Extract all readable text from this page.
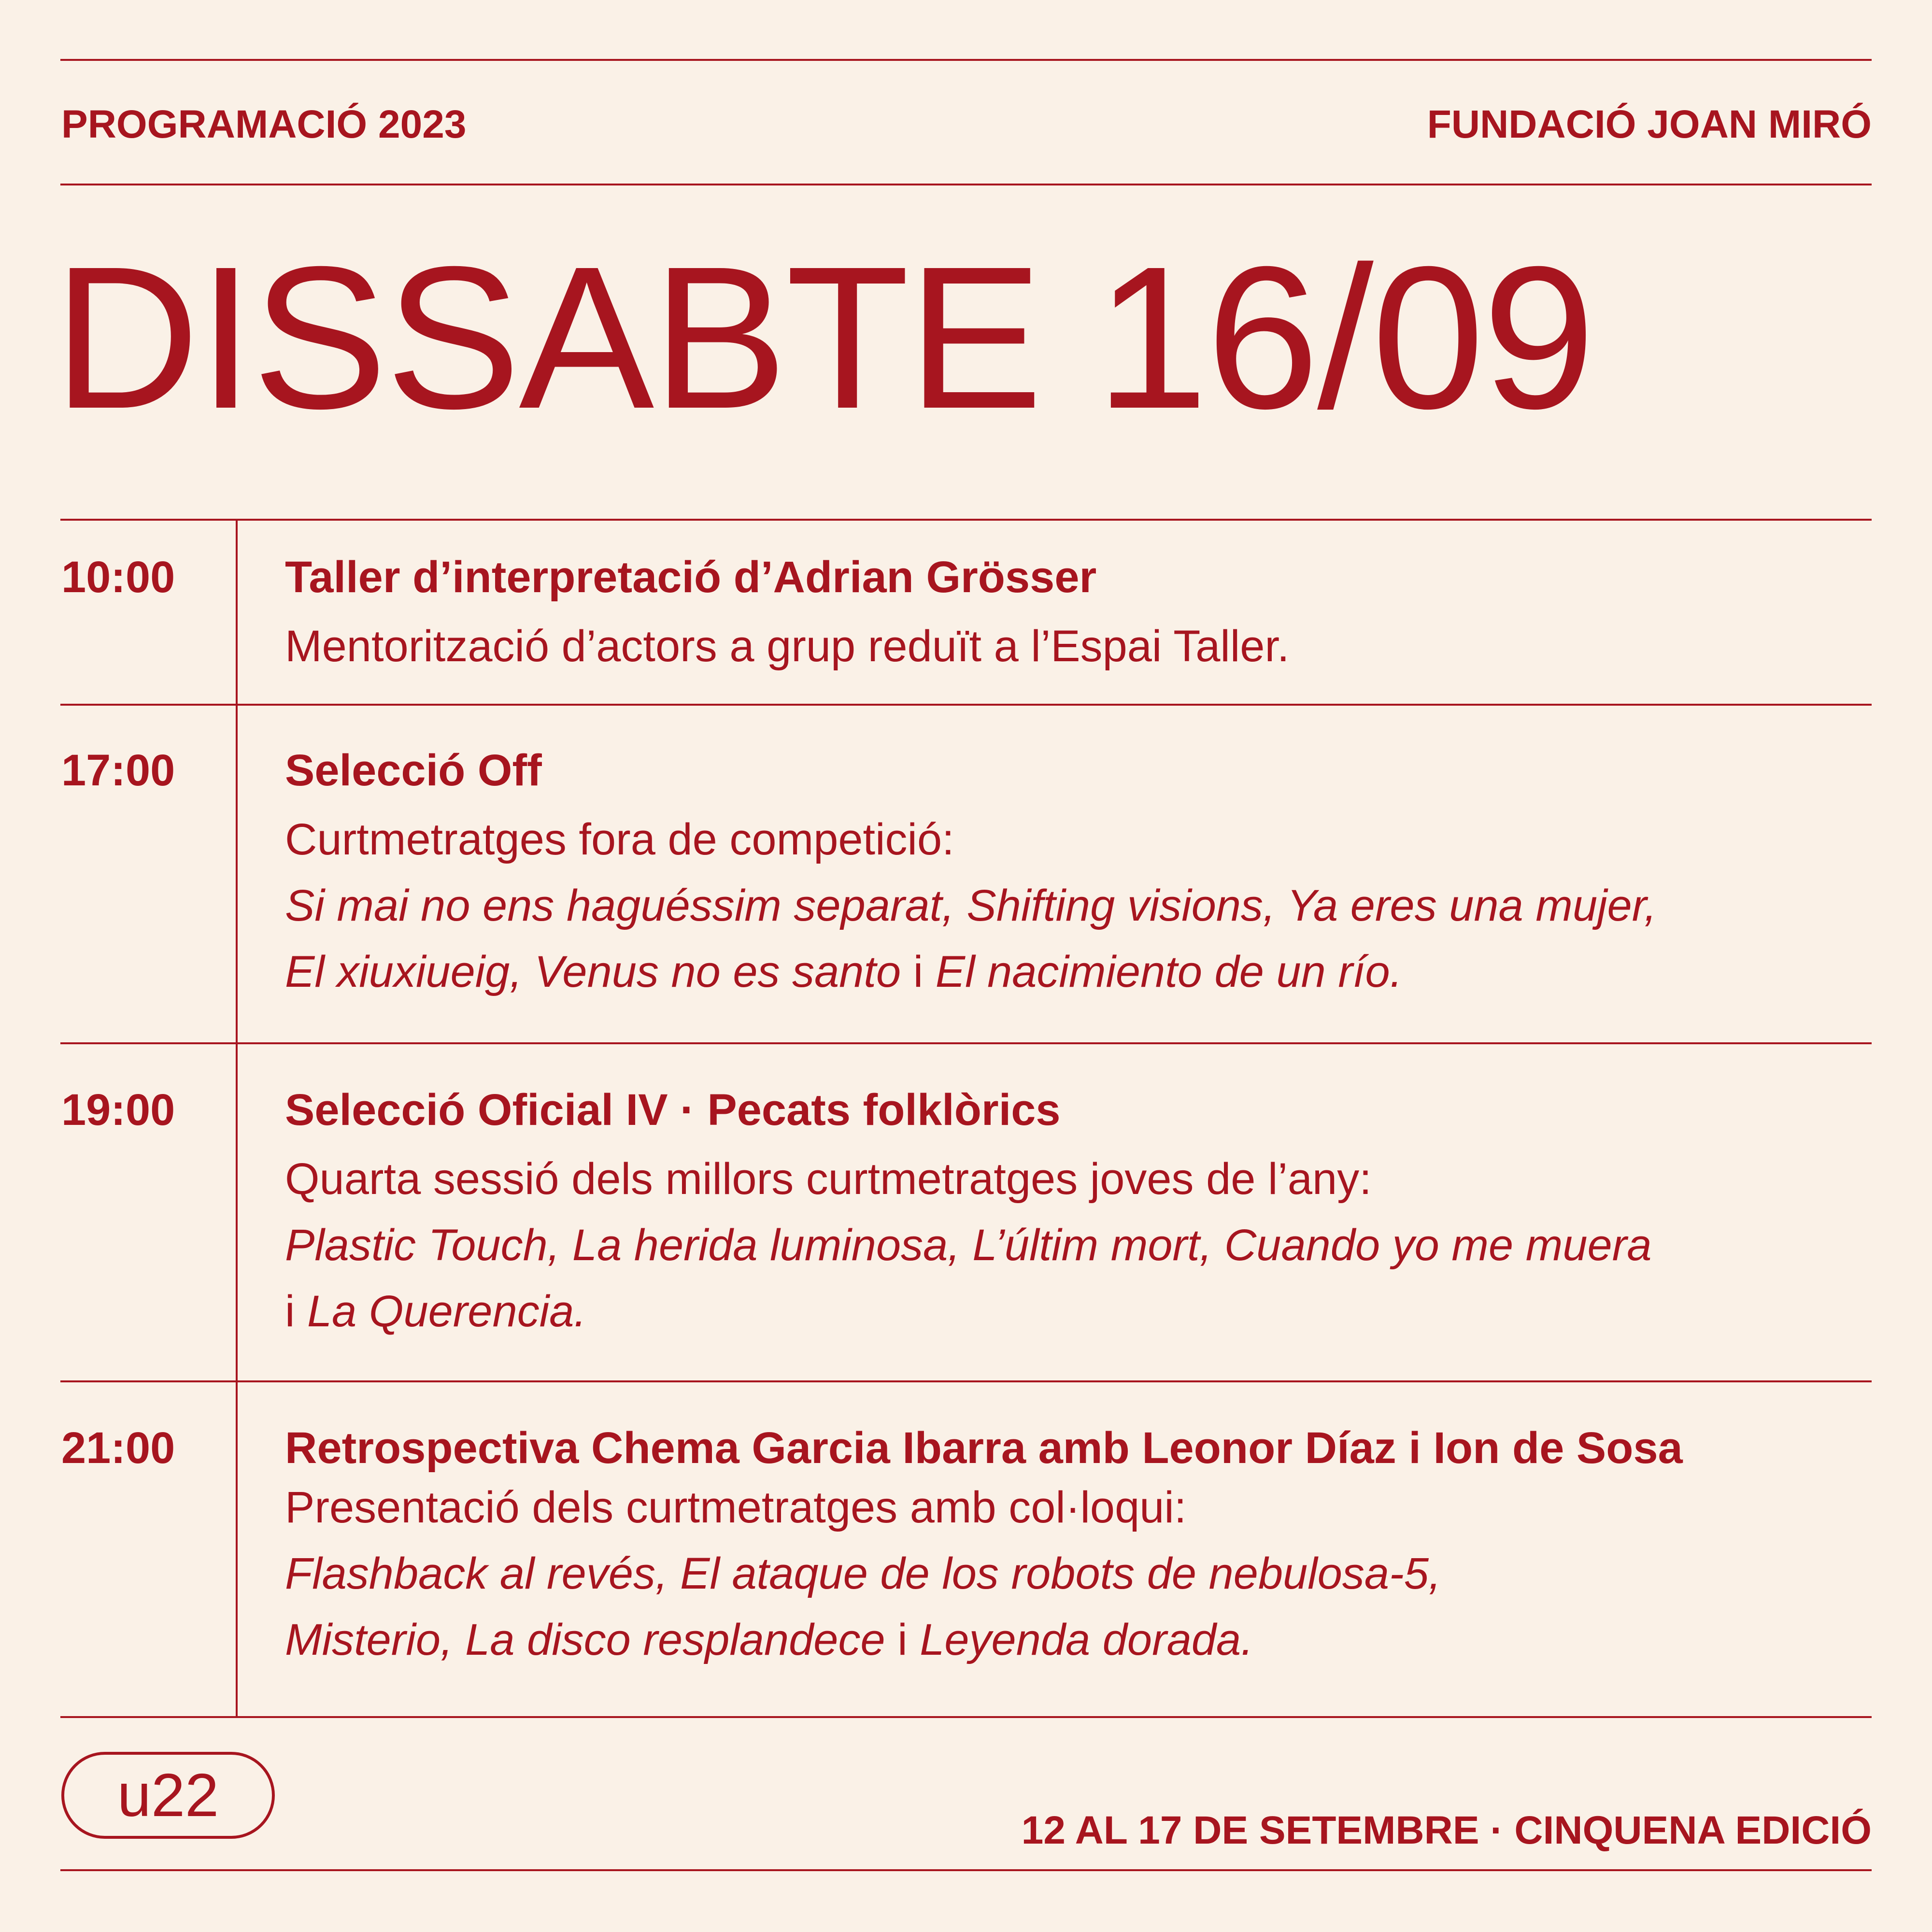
PROGRAMACIÓ 2023	FUNDACIÓ JOAN MIRÓ
DISSABTE 16/09
10:00 Taller d’interpretació d’Adrian Grösser
Mentorització d’actors a grup reduït a l’Espai Taller.
17:00 Selecció Off
Curtmetratges fora de competició:
Si mai no ens haguéssim separat, Shifting visions, Ya eres una mujer,
El xiuxiueig, Venus no es santo i El nacimiento de un río.
19:00 Selecció Oficial IV · Pecats folklòrics
Quarta sessió dels millors curtmetratges joves de l’any:
Plastic Touch, La herida luminosa, L’últim mort, Cuando yo me muera
i La Querencia.
21:00 Retrospectiva Chema Garcia Ibarra amb Leonor Díaz i Ion de Sosa
Presentació dels curtmetratges amb col·loqui:
Flashback al revés, El ataque de los robots de nebulosa-5,
Misterio, La disco resplandece i Leyenda dorada.
u22
12 AL 17 DE SETEMBRE · CINQUENA EDICIÓ
